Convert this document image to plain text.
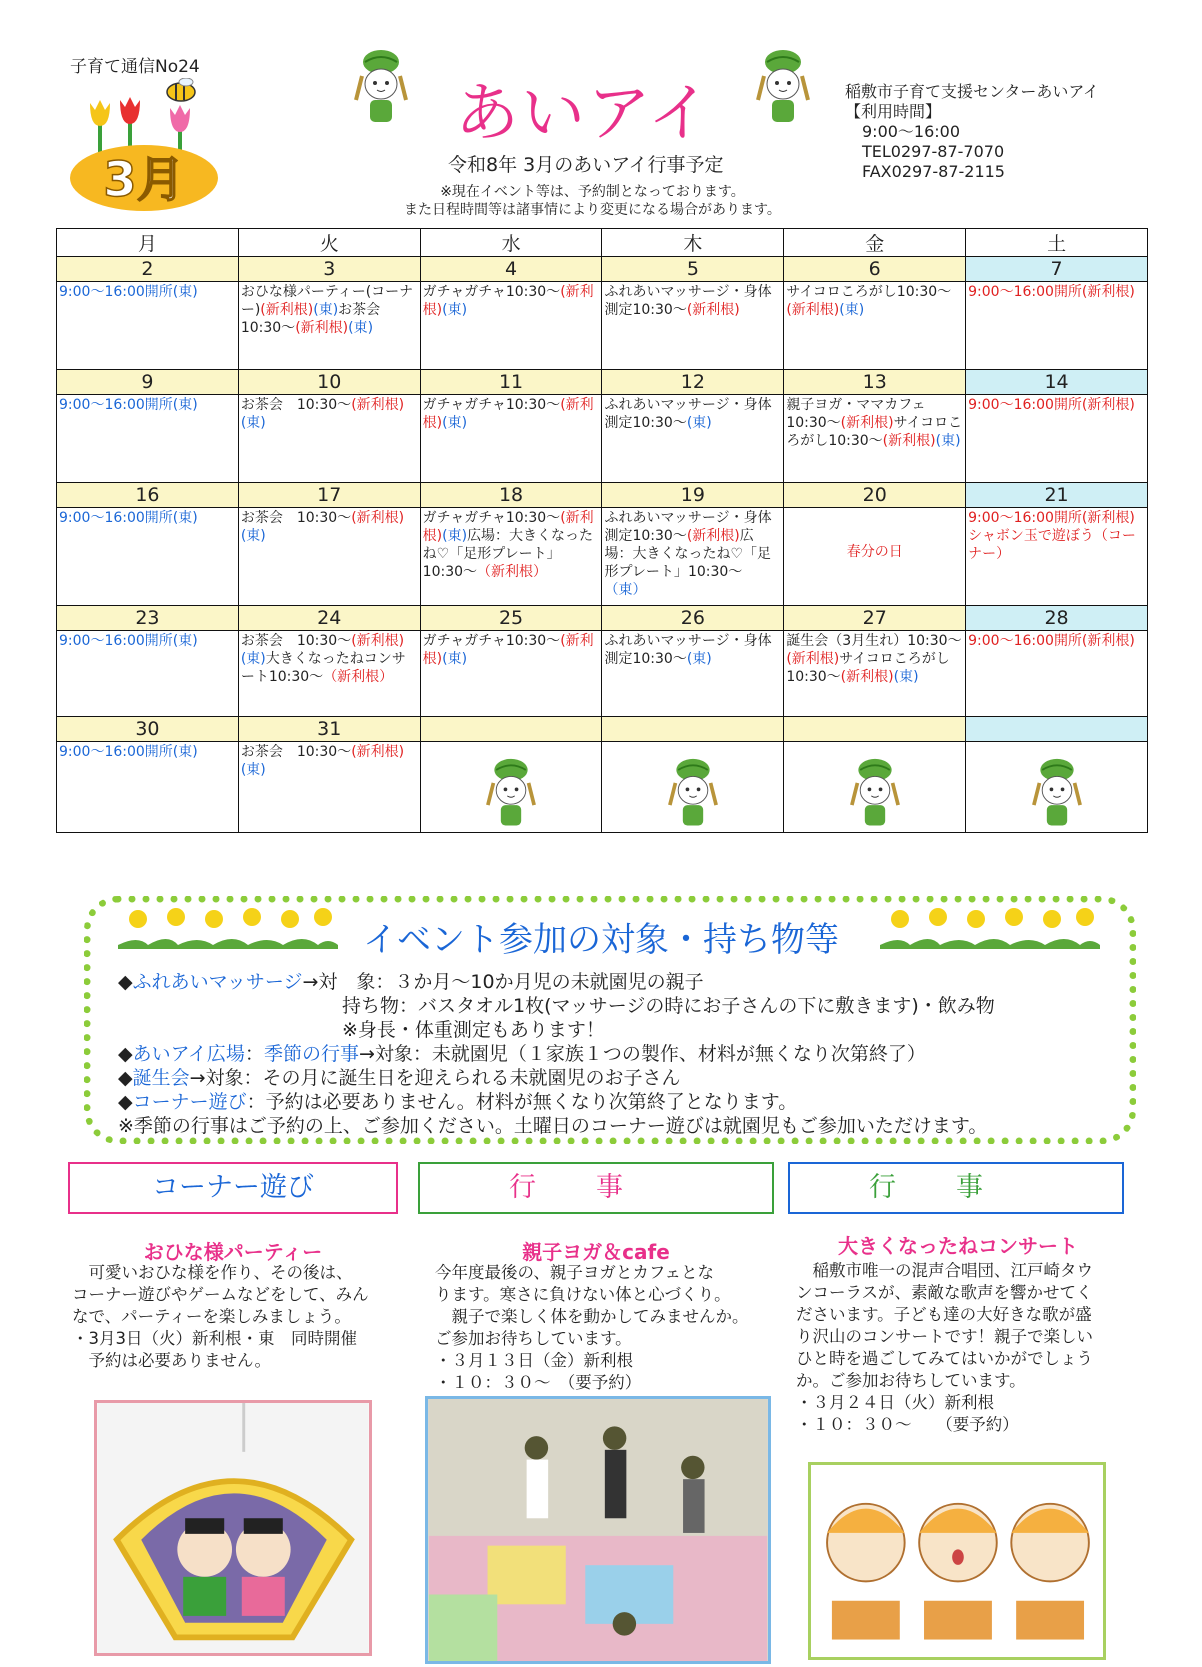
子育て通信No24
3月
あいアイ
令和8年 3月のあいアイ行事予定
※現在イベント等は、予約制となっております。
また日程時間等は諸事情により変更になる場合があります。
稲敷市子育て支援センターあいアイ
【利用時間】
9:00～16:00
TEL0297-87-7070
FAX0297-87-2115
月	火	水	木	金	土
2	3	4	5	6	7
9:00～16:00開所(東)	おひな様パーティー(コーナー)(新利根)(東)お茶会　10:30～(新利根)(東)	ガチャガチャ10:30～(新利根)(東)	ふれあいマッサージ・身体測定10:30～(新利根)	サイコロころがし10:30～(新利根)(東)	9:00～16:00開所(新利根)
9	10	11	12	13	14
9:00～16:00開所(東)	お茶会　10:30～(新利根)(東)	ガチャガチャ10:30～(新利根)(東)	ふれあいマッサージ・身体測定10:30～(東)	親子ヨガ・ママカフェ10:30～(新利根)サイコロころがし10:30～(新利根)(東)	9:00～16:00開所(新利根)
16	17	18	19	20	21
9:00～16:00開所(東)	お茶会　10:30～(新利根)(東)	ガチャガチャ10:30～(新利根)(東)広場：大きくなったね♡「足形プレート」10:30～（新利根）	ふれあいマッサージ・身体測定10:30～(新利根)広場：大きくなったね♡「足形プレート」10:30～（東）	春分の日	9:00～16:00開所(新利根)シャボン玉で遊ぼう（コーナー）
23	24	25	26	27	28
9:00～16:00開所(東)	お茶会　10:30～(新利根)(東)大きくなったねコンサート10:30～（新利根）	ガチャガチャ10:30～(新利根)(東)	ふれあいマッサージ・身体測定10:30～(東)	誕生会（3月生れ）10:30～(新利根)サイコロころがし10:30～(新利根)(東)	9:00～16:00開所(新利根)
30	31				
9:00～16:00開所(東)	お茶会　10:30～(新利根)(東)	

イベント参加の対象・持ち物等
◆ふれあいマッサージ→対　象：３か月～10か月児の未就園児の親子
持ち物：バスタオル1枚(マッサージの時にお子さんの下に敷きます)・飲み物
※身長・体重測定もあります！
◆あいアイ広場：季節の行事→対象：未就園児（１家族１つの製作、材料が無くなり次第終了）
◆誕生会→対象：その月に誕生日を迎えられる未就園児のお子さん
◆コーナー遊び：予約は必要ありません。材料が無くなり次第終了となります。
※季節の行事はご予約の上、ご参加ください。土曜日のコーナー遊びは就園児もご参加いただけます。
コーナー遊び	行事	行事
おひな様パーティー
　可愛いおひな様を作り、その後は、
コーナー遊びやゲームなどをして、みん
なで、パーティーを楽しみましょう。
・3月3日（火）新利根・東　同時開催
　予約は必要ありません。
親子ヨガ＆cafe
今年度最後の、親子ヨガとカフェとな
ります。寒さに負けない体と心づくり。
　親子で楽しく体を動かしてみませんか。
ご参加お待ちしています。
・３月１３日（金）新利根
・１０：３０～　（要予約）
大きくなったねコンサート
　稲敷市唯一の混声合唱団、江戸崎タウ
ンコーラスが、素敵な歌声を響かせてく
ださいます。子ども達の大好きな歌が盛
り沢山のコンサートです！親子で楽しい
ひと時を過ごしてみてはいかがでしょう
か。ご参加お待ちしています。
・３月２４日（火）新利根
・１０：３０～　　（要予約）
